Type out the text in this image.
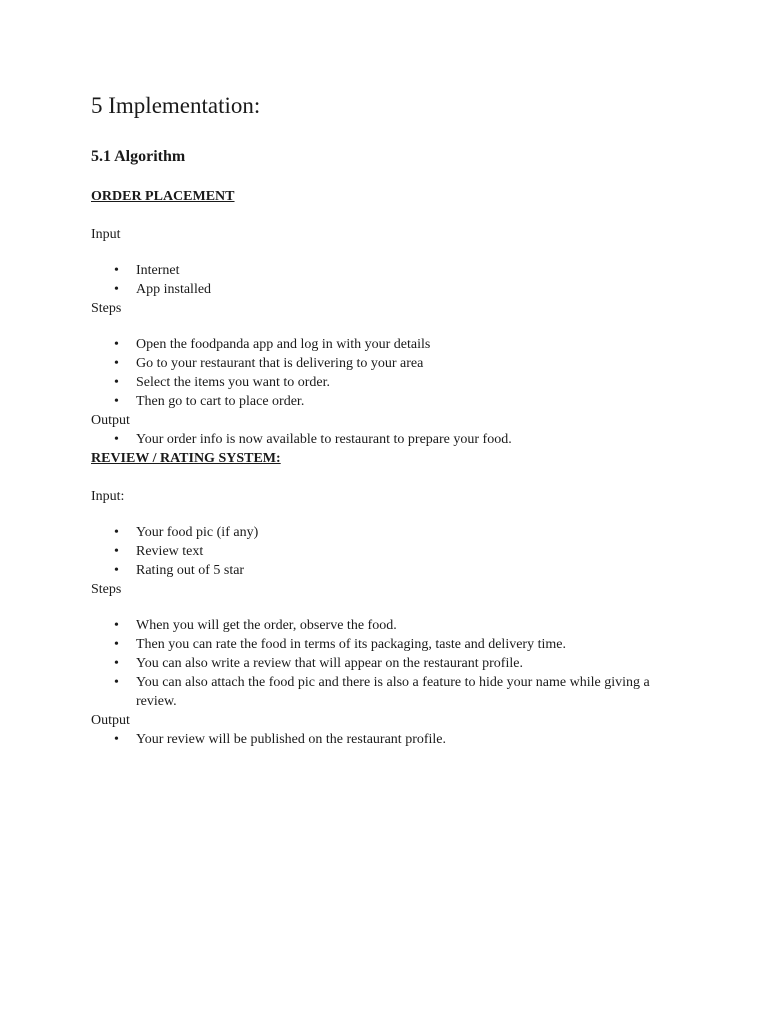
5 Implementation:
5.1 Algorithm
ORDER PLACEMENT

Input

• Internet
• App installed

Steps

• Open the foodpanda app and log in with your details
• Go to your restaurant that is delivering to your area
• Select the items you want to order.
• Then go to cart to place order.

Output

• Your order info is now available to restaurant to prepare your food.
REVIEW / RATING SYSTEM:

Input:

• Your food pic (if any)
• Review text
• Rating out of 5 star

Steps

• When you will get the order, observe the food.
• Then you can rate the food in terms of its packaging, taste and delivery time.
• You can also write a review that will appear on the restaurant profile.
• You can also attach the food pic and there is also a feature to hide your name while giving a review.

Output

• Your review will be published on the restaurant profile.
